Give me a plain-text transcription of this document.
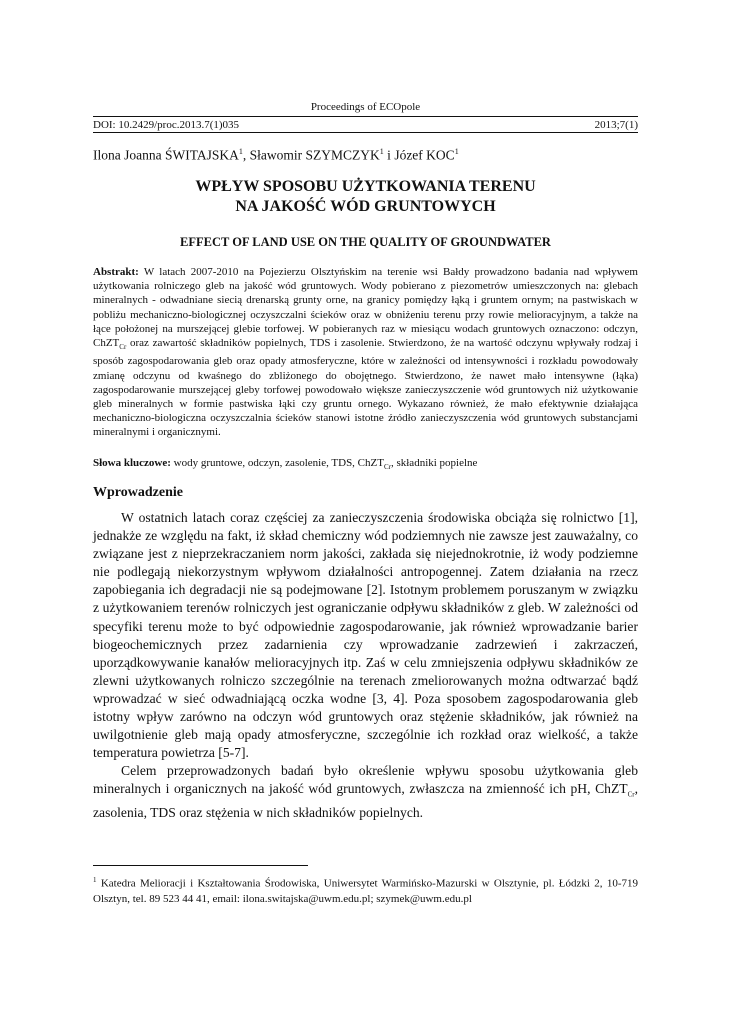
Proceedings of ECOpole
DOI: 10.2429/proc.2013.7(1)035	2013;7(1)
Ilona Joanna ŚWITAJSKA$^1$, Sławomir SZYMCZYK$^1$ i Józef KOC$^1$
WPŁYW SPOSOBU UŻYTKOWANIA TERENU
NA JAKOŚĆ WÓD GRUNTOWYCH
EFFECT OF LAND USE ON THE QUALITY OF GROUNDWATER
Abstrakt: W latach 2007-2010 na Pojezierzu Olsztyńskim na terenie wsi Bałdy prowadzono badania nad wpływem użytkowania rolniczego gleb na jakość wód gruntowych. Wody pobierano z piezometrów umieszczonych na: glebach mineralnych - odwadniane siecią drenarską grunty orne, na granicy pomiędzy łąką i gruntem ornym; na pastwiskach w pobliżu mechaniczno-biologicznej oczyszczalni ścieków oraz w obniżeniu terenu przy rowie melioracyjnym, a także na łące położonej na murszejącej glebie torfowej. W pobieranych raz w miesiącu wodach gruntowych oznaczono: odczyn, ChZT$_{Cr}$ oraz zawartość składników popielnych, TDS i zasolenie. Stwierdzono, że na wartość odczynu wpływały rodzaj i sposób zagospodarowania gleb oraz opady atmosferyczne, które w zależności od intensywności i rozkładu powodowały zmianę odczynu od kwaśnego do zbliżonego do obojętnego. Stwierdzono, że nawet mało intensywne (łąka) zagospodarowanie murszejącej gleby torfowej powodowało większe zanieczyszczenie wód gruntowych niż użytkowanie gleb mineralnych w formie pastwiska łąki czy gruntu ornego. Wykazano również, że mało efektywnie działająca mechaniczno-biologiczna oczyszczalnia ścieków stanowi istotne źródło zanieczyszczenia wód gruntowych substancjami mineralnymi i organicznymi.
Słowa kluczowe: wody gruntowe, odczyn, zasolenie, TDS, ChZT$_{Cr}$, składniki popielne
Wprowadzenie

W ostatnich latach coraz częściej za zanieczyszczenia środowiska obciąża się rolnictwo [1], jednakże ze względu na fakt, iż skład chemiczny wód podziemnych nie zawsze jest zauważalny, co związane jest z nieprzekraczaniem norm jakości, zakłada się niejednokrotnie, iż wody podziemne nie podlegają niekorzystnym wpływom działalności antropogennej. Zatem działania na rzecz zapobiegania ich degradacji nie są podejmowane [2]. Istotnym problemem poruszanym w związku z użytkowaniem terenów rolniczych jest ograniczanie odpływu składników z gleb. W zależności od specyfiki terenu może to być odpowiednie zagospodarowanie, jak również wprowadzanie barier biogeochemicznych przez zadarnienia czy wprowadzanie zadrzewień i zakrzaczeń, uporządkowywanie kanałów melioracyjnych itp. Zaś w celu zmniejszenia odpływu składników ze zlewni użytkowanych rolniczo szczególnie na terenach zmeliorowanych można odtwarzać bądź wprowadzać w sieć odwadniającą oczka wodne [3, 4]. Poza sposobem zagospodarowania gleb istotny wpływ zarówno na odczyn wód gruntowych oraz stężenie składników, jak również na uwilgotnienie gleb mają opady atmosferyczne, szczególnie ich rozkład oraz wielkość, a także temperatura powietrza [5-7].

Celem przeprowadzonych badań było określenie wpływu sposobu użytkowania gleb mineralnych i organicznych na jakość wód gruntowych, zwłaszcza na zmienność ich pH, ChZT$_{Cr}$, zasolenia, TDS oraz stężenia w nich składników popielnych.

$^1$ Katedra Melioracji i Kształtowania Środowiska, Uniwersytet Warmińsko-Mazurski w Olsztynie, pl. Łódzki 2, 10-719 Olsztyn, tel. 89 523 44 41, email: ilona.switajska@uwm.edu.pl; szymek@uwm.edu.pl
